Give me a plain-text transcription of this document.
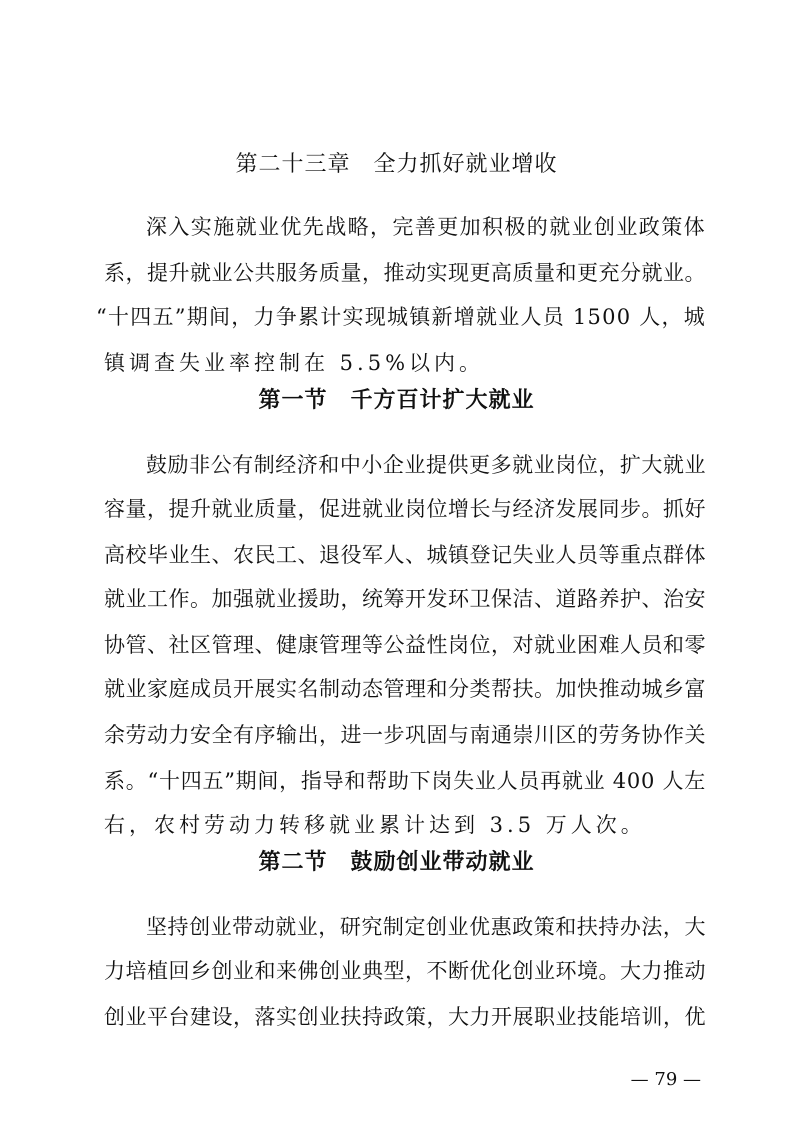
第二十三章　全力抓好就业增收
深入实施就业优先战略，完善更加积极的就业创业政策体
系，提升就业公共服务质量，推动实现更高质量和更充分就业。
“十四五”期间，力争累计实现城镇新增就业人员 1500 人，城
镇调查失业率控制在 5.5%以内。
第一节　千方百计扩大就业
鼓励非公有制经济和中小企业提供更多就业岗位，扩大就业
容量，提升就业质量，促进就业岗位增长与经济发展同步。抓好
高校毕业生、农民工、退役军人、城镇登记失业人员等重点群体
就业工作。加强就业援助，统筹开发环卫保洁、道路养护、治安
协管、社区管理、健康管理等公益性岗位，对就业困难人员和零
就业家庭成员开展实名制动态管理和分类帮扶。加快推动城乡富
余劳动力安全有序输出，进一步巩固与南通崇川区的劳务协作关
系。“十四五”期间，指导和帮助下岗失业人员再就业 400 人左
右，农村劳动力转移就业累计达到 3.5 万人次。
第二节　鼓励创业带动就业
坚持创业带动就业，研究制定创业优惠政策和扶持办法，大
力培植回乡创业和来佛创业典型，不断优化创业环境。大力推动
创业平台建设，落实创业扶持政策，大力开展职业技能培训，优
— 79 —
